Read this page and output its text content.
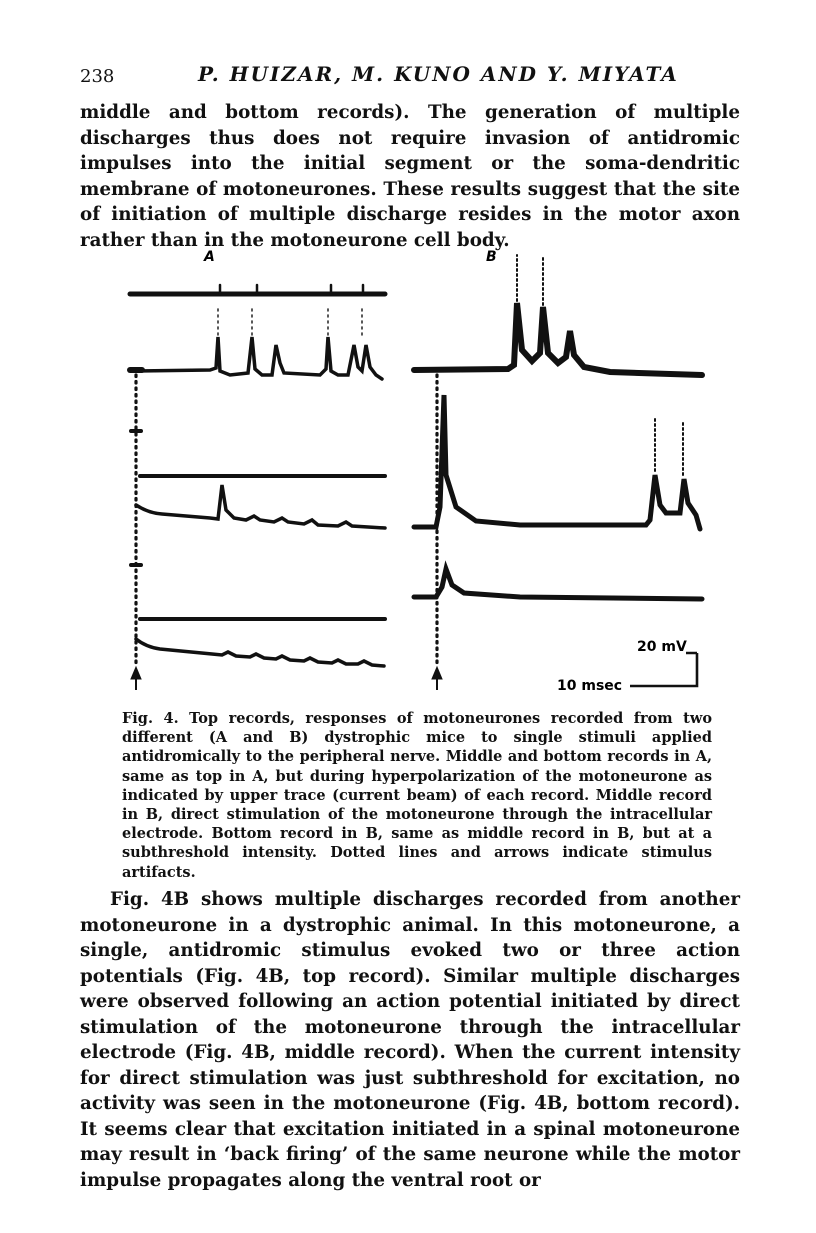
238	P. HUIZAR, M. KUNO AND Y. MIYATA

middle and bottom records). The generation of multiple discharges thus does not require invasion of antidromic impulses into the initial segment or the soma-dendritic membrane of motoneurones. These results suggest that the site of initiation of multiple discharge resides in the motor axon rather than in the motoneurone cell body.

A	B
20 mV
10 msec

Fig. 4. Top records, responses of motoneurones recorded from two different (A and B) dystrophic mice to single stimuli applied antidromically to the peripheral nerve. Middle and bottom records in A, same as top in A, but during hyperpolarization of the motoneurone as indicated by upper trace (current beam) of each record. Middle record in B, direct stimulation of the motoneurone through the intracellular electrode. Bottom record in B, same as middle record in B, but at a subthreshold intensity. Dotted lines and arrows indicate stimulus artifacts.

Fig. 4B shows multiple discharges recorded from another motoneurone in a dystrophic animal. In this motoneurone, a single, antidromic stimulus evoked two or three action potentials (Fig. 4B, top record). Similar multiple discharges were observed following an action potential initiated by direct stimulation of the motoneurone through the intracellular electrode (Fig. 4B, middle record). When the current intensity for direct stimulation was just subthreshold for excitation, no activity was seen in the motoneurone (Fig. 4B, bottom record). It seems clear that excitation initiated in a spinal motoneurone may result in ‘back firing’ of the same neurone while the motor impulse propagates along the ventral root or
